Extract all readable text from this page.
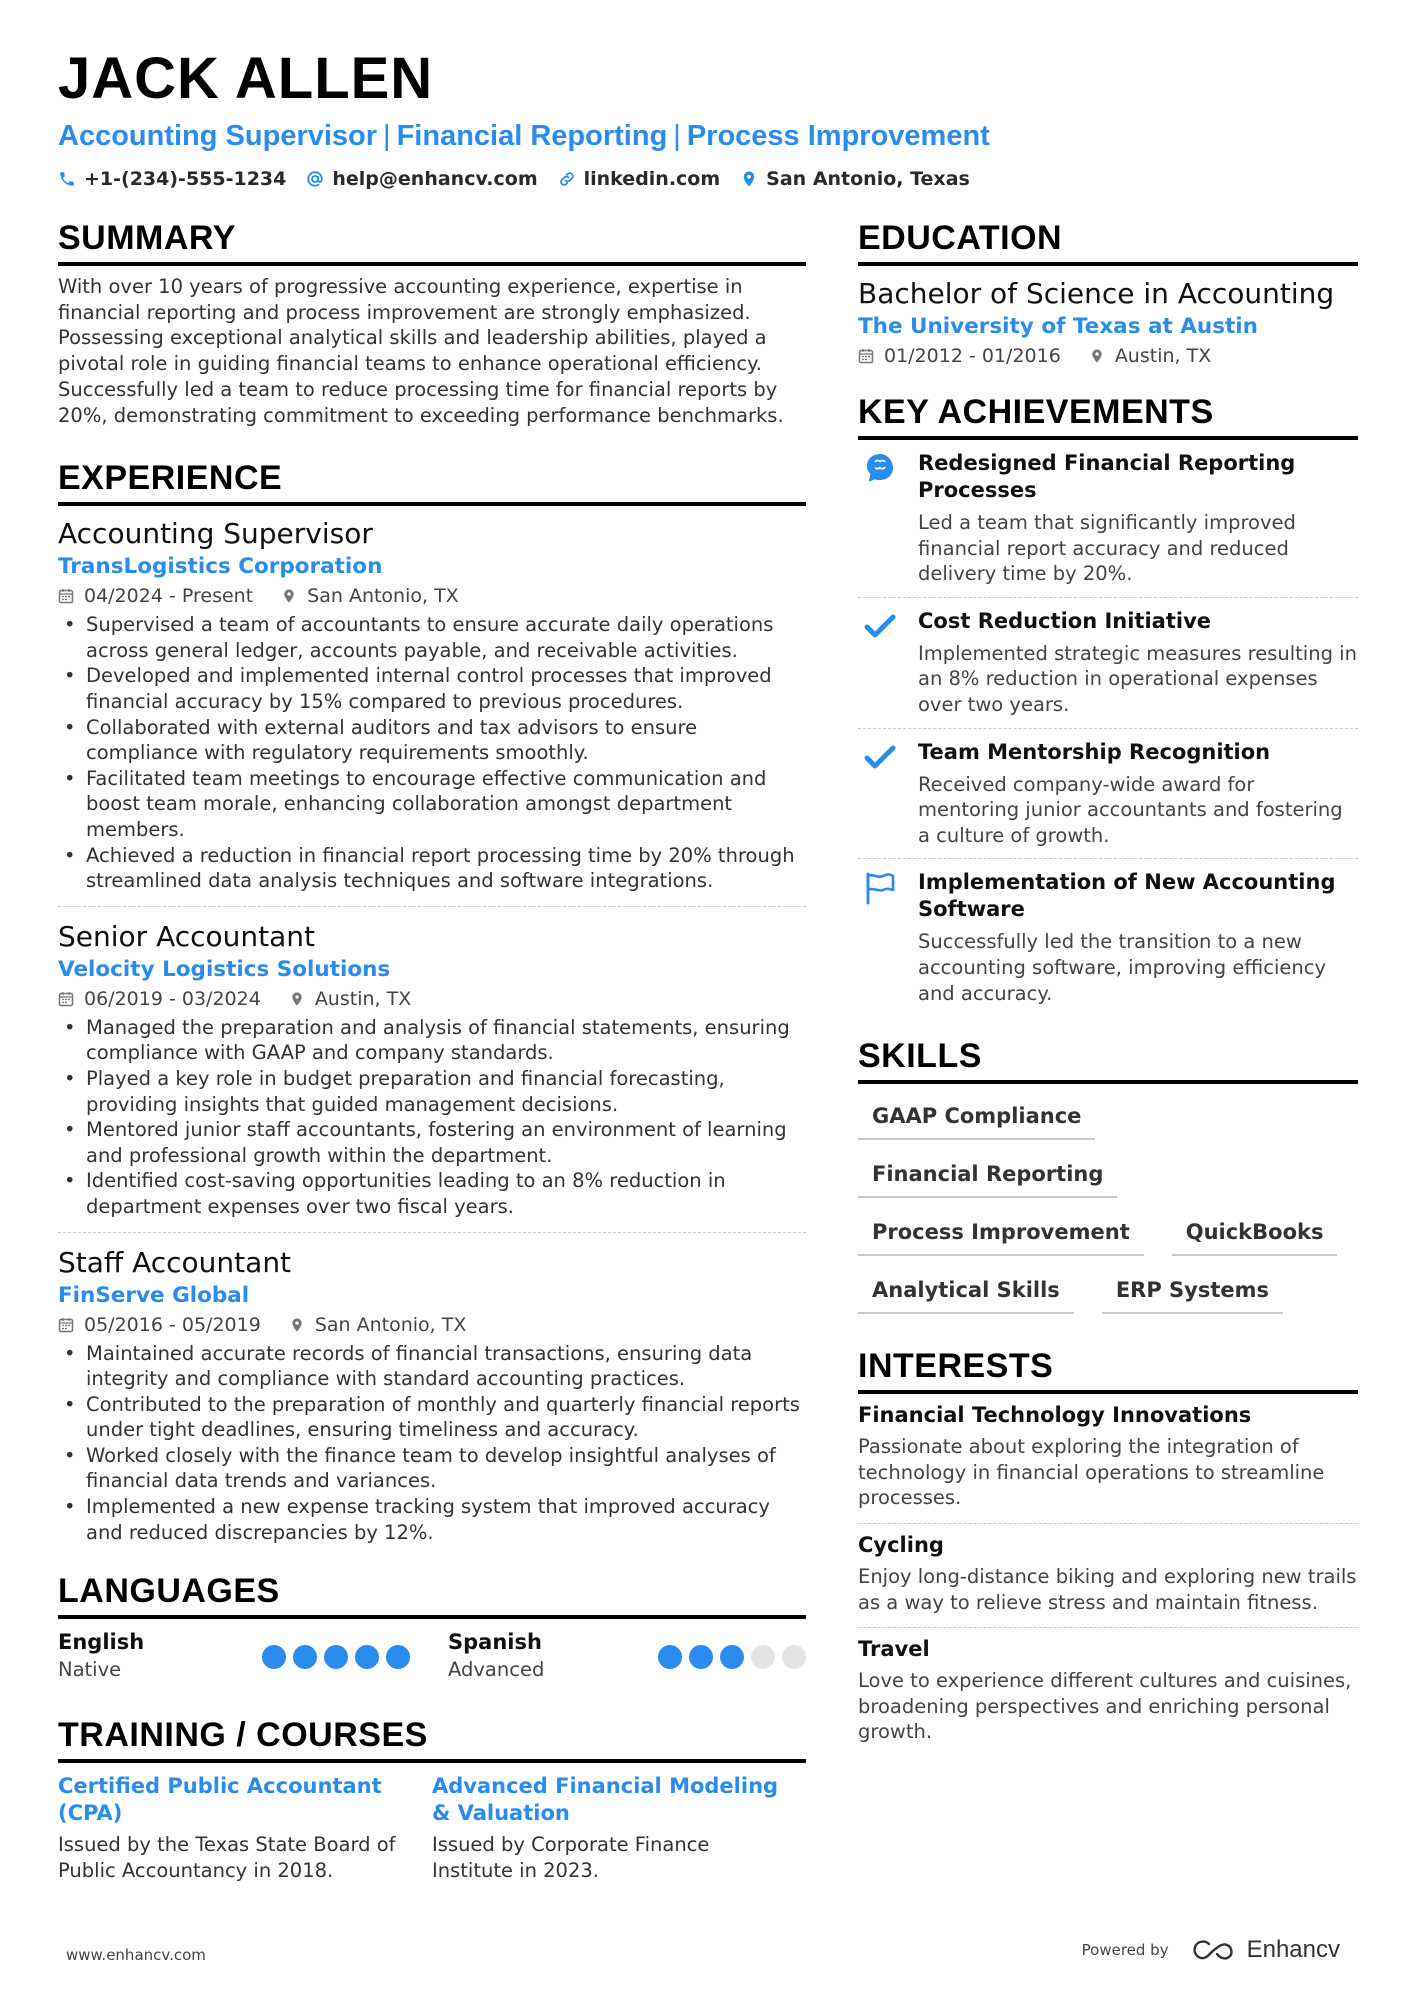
JACK ALLEN
Accounting Supervisor | Financial Reporting | Process Improvement
+1-(234)-555-1234 help@enhancv.com linkedin.com San Antonio, Texas
SUMMARY

With over 10 years of progressive accounting experience, expertise in financial reporting and process improvement are strongly emphasized. Possessing exceptional analytical skills and leadership abilities, played a pivotal role in guiding financial teams to enhance operational efficiency. Successfully led a team to reduce processing time for financial reports by 20%, demonstrating commitment to exceeding performance benchmarks.

EXPERIENCE
Accounting Supervisor
TransLogistics Corporation
04/2024 - Present	San Antonio, TX
• Supervised a team of accountants to ensure accurate daily operations across general ledger, accounts payable, and receivable activities.
• Developed and implemented internal control processes that improved financial accuracy by 15% compared to previous procedures.
• Collaborated with external auditors and tax advisors to ensure compliance with regulatory requirements smoothly.
• Facilitated team meetings to encourage effective communication and boost team morale, enhancing collaboration amongst department members.
• Achieved a reduction in financial report processing time by 20% through streamlined data analysis techniques and software integrations.
Senior Accountant
Velocity Logistics Solutions
06/2019 - 03/2024	Austin, TX
• Managed the preparation and analysis of financial statements, ensuring compliance with GAAP and company standards.
• Played a key role in budget preparation and financial forecasting, providing insights that guided management decisions.
• Mentored junior staff accountants, fostering an environment of learning and professional growth within the department.
• Identified cost-saving opportunities leading to an 8% reduction in department expenses over two fiscal years.
Staff Accountant
FinServe Global
05/2016 - 05/2019	San Antonio, TX
• Maintained accurate records of financial transactions, ensuring data integrity and compliance with standard accounting practices.
• Contributed to the preparation of monthly and quarterly financial reports under tight deadlines, ensuring timeliness and accuracy.
• Worked closely with the finance team to develop insightful analyses of financial data trends and variances.
• Implemented a new expense tracking system that improved accuracy and reduced discrepancies by 12%.
LANGUAGES
English
Native
Spanish
Advanced
TRAINING / COURSES
Certified Public Accountant (CPA)
Issued by the Texas State Board of Public Accountancy in 2018.
Advanced Financial Modeling & Valuation
Issued by Corporate Finance Institute in 2023.
EDUCATION
Bachelor of Science in Accounting
The University of Texas at Austin
01/2012 - 01/2016	Austin, TX
KEY ACHIEVEMENTS
Redesigned Financial Reporting Processes
Led a team that significantly improved financial report accuracy and reduced delivery time by 20%.
Cost Reduction Initiative
Implemented strategic measures resulting in an 8% reduction in operational expenses over two years.
Team Mentorship Recognition
Received company-wide award for mentoring junior accountants and fostering a culture of growth.
Implementation of New Accounting Software
Successfully led the transition to a new accounting software, improving efficiency and accuracy.
SKILLS
GAAP Compliance
Financial Reporting
Process Improvement	QuickBooks
Analytical Skills	ERP Systems
INTERESTS
Financial Technology Innovations
Passionate about exploring the integration of technology in financial operations to streamline processes.
Cycling
Enjoy long-distance biking and exploring new trails as a way to relieve stress and maintain fitness.
Travel
Love to experience different cultures and cuisines, broadening perspectives and enriching personal growth.
www.enhancv.com	Powered by	Enhancv
